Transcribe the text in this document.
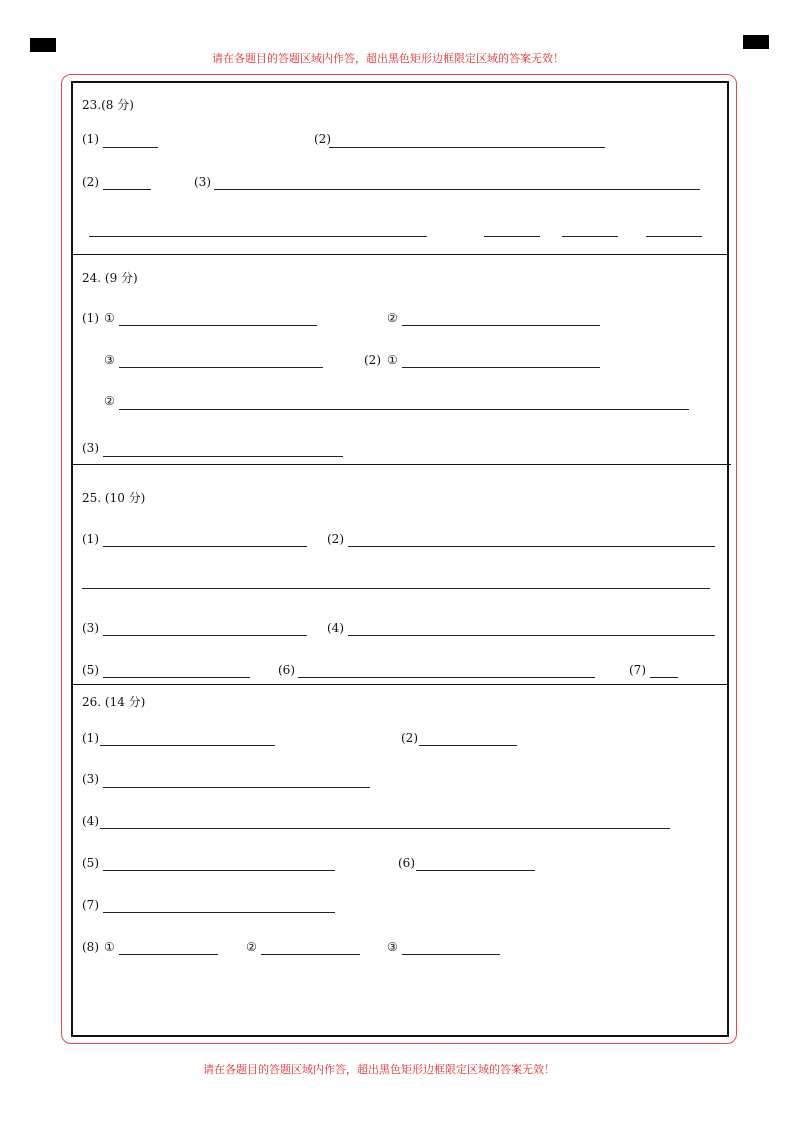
请在各题目的答题区域内作答，超出黑色矩形边框限定区域的答案无效！
请在各题目的答题区域内作答，超出黑色矩形边框限定区域的答案无效！
23.(8 分)
(1)	(2)
(2)	(3)
24. (9 分)
(1) ①	②
③	(2) ①
②
(3)
25. (10 分)
(1)	(2)
(3)	(4)
(5)	(6)	(7)
26. (14 分)
(1)	(2)
(3)
(4)
(5)	(6)
(7)
(8) ①	②	③
